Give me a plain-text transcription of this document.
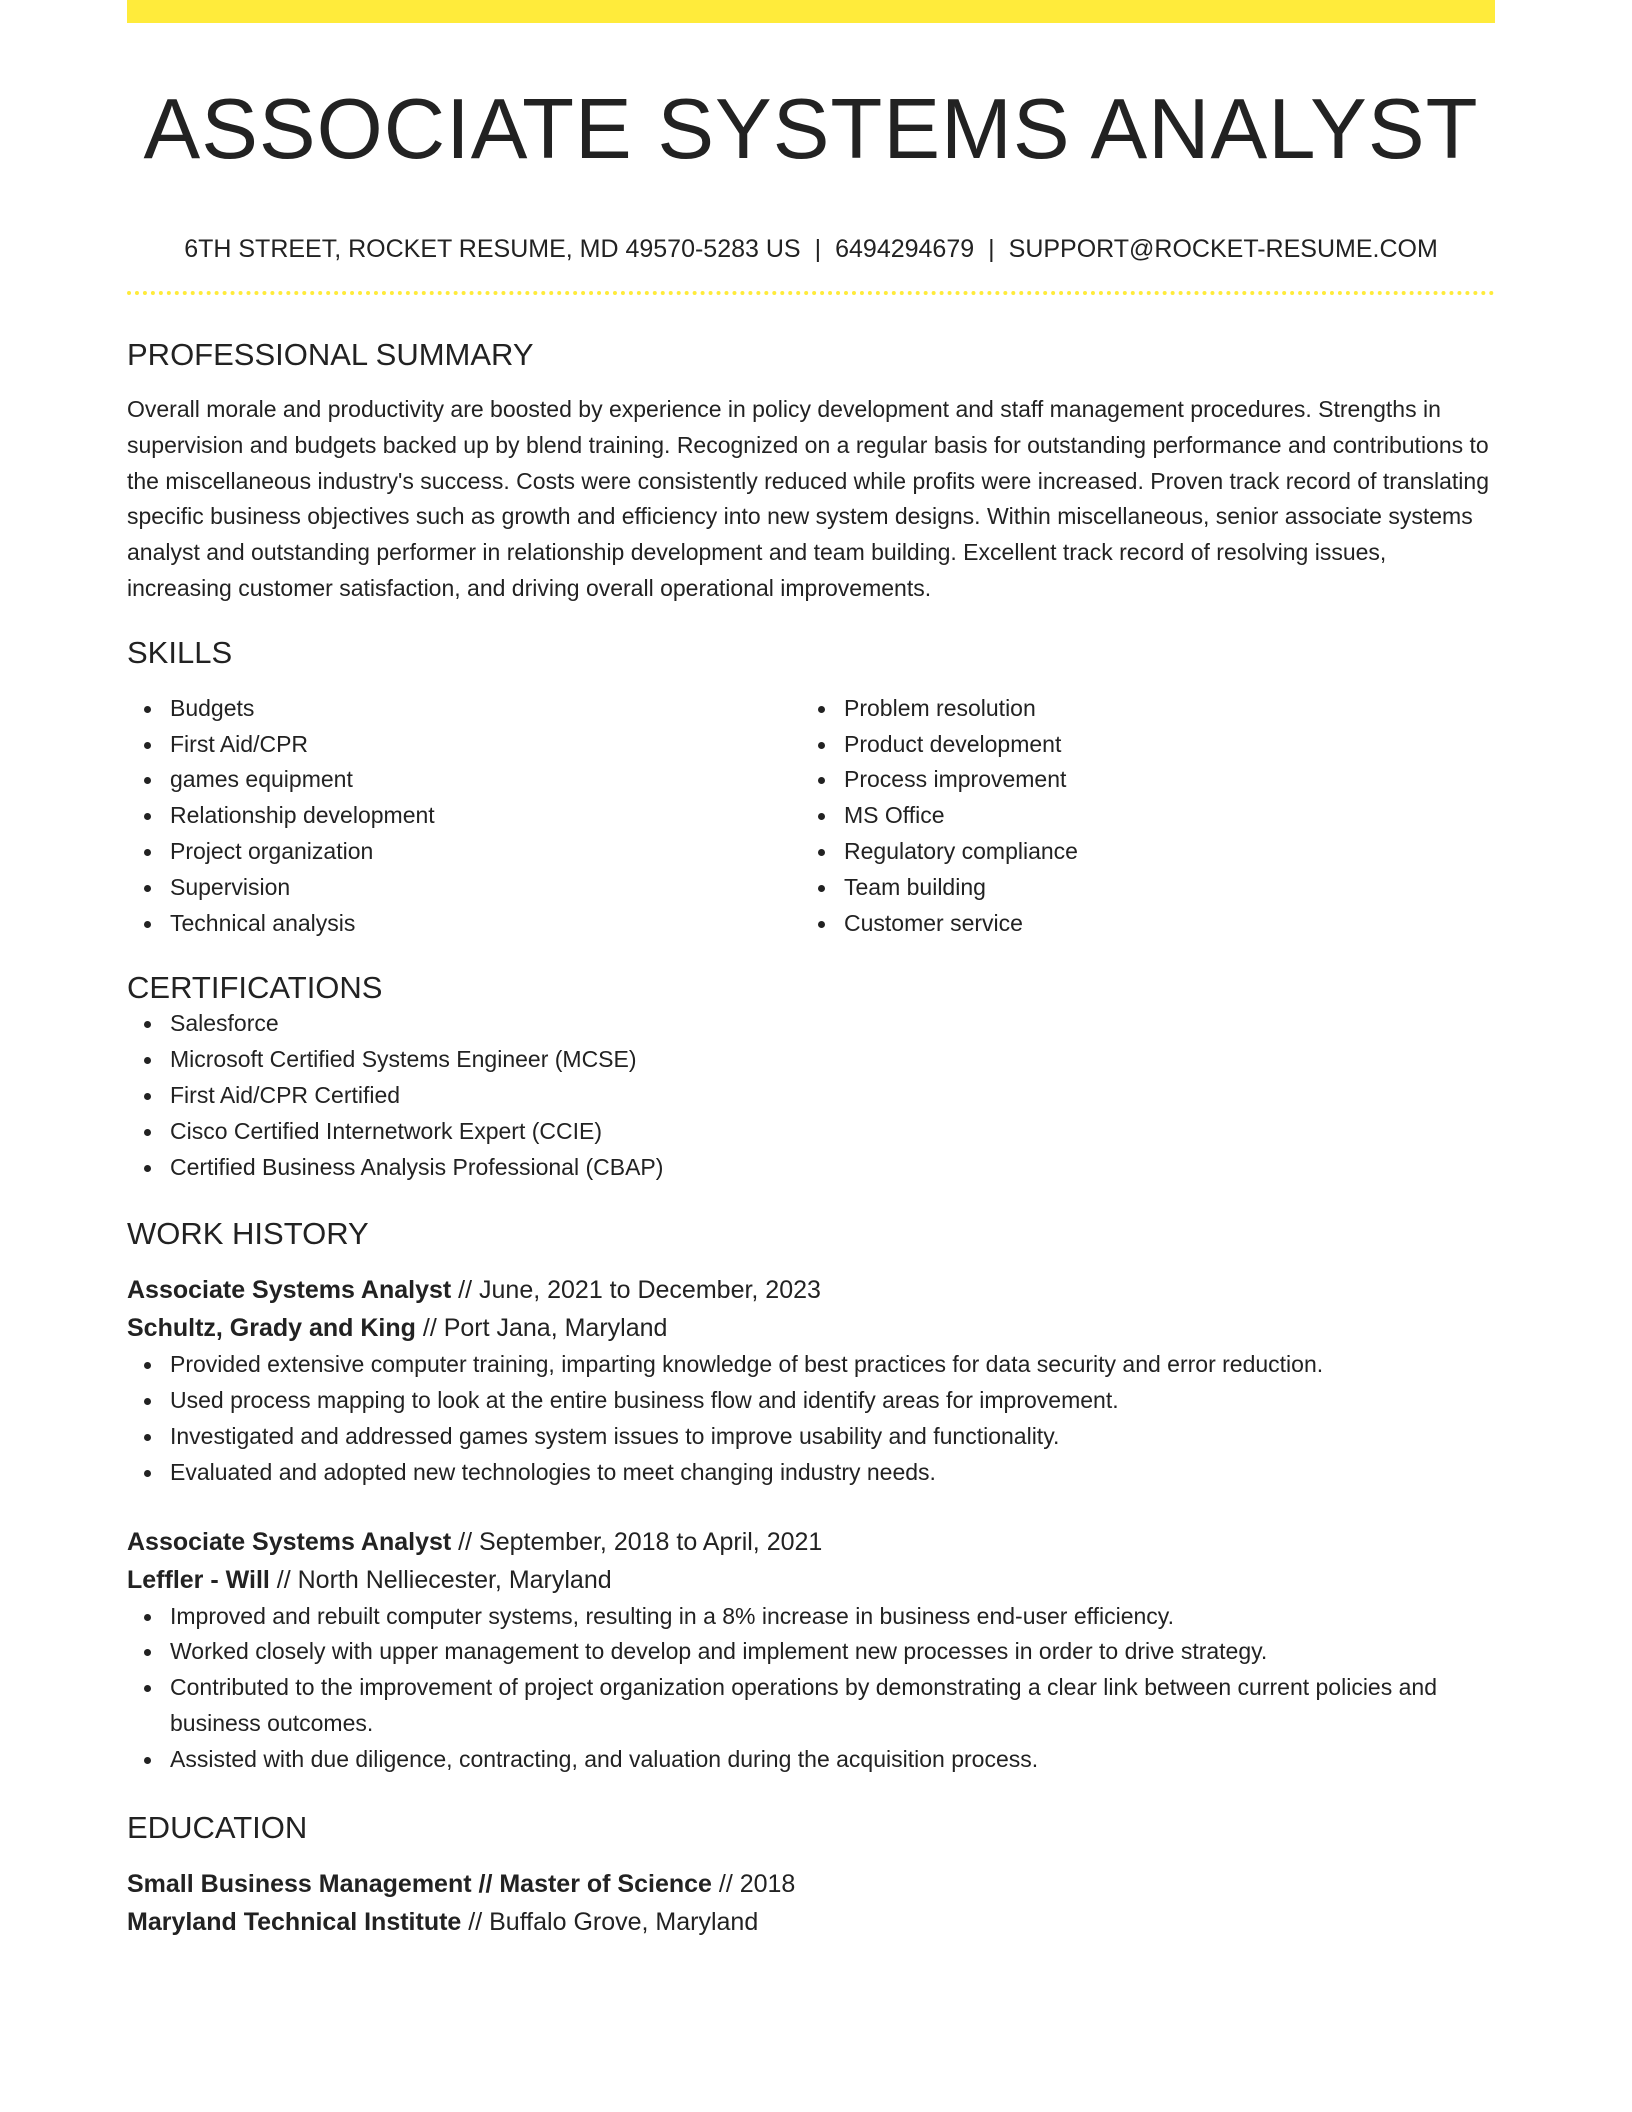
ASSOCIATE SYSTEMS ANALYST
6TH STREET, ROCKET RESUME, MD 49570-5283 US | 6494294679 | SUPPORT@ROCKET-RESUME.COM
PROFESSIONAL SUMMARY
Overall morale and productivity are boosted by experience in policy development and staff management procedures. Strengths in supervision and budgets backed up by blend training. Recognized on a regular basis for outstanding performance and contributions to the miscellaneous industry's success. Costs were consistently reduced while profits were increased. Proven track record of translating specific business objectives such as growth and efficiency into new system designs. Within miscellaneous, senior associate systems analyst and outstanding performer in relationship development and team building. Excellent track record of resolving issues, increasing customer satisfaction, and driving overall operational improvements.
SKILLS
Budgets
First Aid/CPR
games equipment
Relationship development
Project organization
Supervision
Technical analysis
Problem resolution
Product development
Process improvement
MS Office
Regulatory compliance
Team building
Customer service
CERTIFICATIONS
Salesforce
Microsoft Certified Systems Engineer (MCSE)
First Aid/CPR Certified
Cisco Certified Internetwork Expert (CCIE)
Certified Business Analysis Professional (CBAP)
WORK HISTORY
Associate Systems Analyst // June, 2021 to December, 2023
Schultz, Grady and King // Port Jana, Maryland
Provided extensive computer training, imparting knowledge of best practices for data security and error reduction.
Used process mapping to look at the entire business flow and identify areas for improvement.
Investigated and addressed games system issues to improve usability and functionality.
Evaluated and adopted new technologies to meet changing industry needs.
Associate Systems Analyst // September, 2018 to April, 2021
Leffler - Will // North Nelliecester, Maryland
Improved and rebuilt computer systems, resulting in a 8% increase in business end-user efficiency.
Worked closely with upper management to develop and implement new processes in order to drive strategy.
Contributed to the improvement of project organization operations by demonstrating a clear link between current policies and business outcomes.
Assisted with due diligence, contracting, and valuation during the acquisition process.
EDUCATION
Small Business Management // Master of Science // 2018
Maryland Technical Institute // Buffalo Grove, Maryland
